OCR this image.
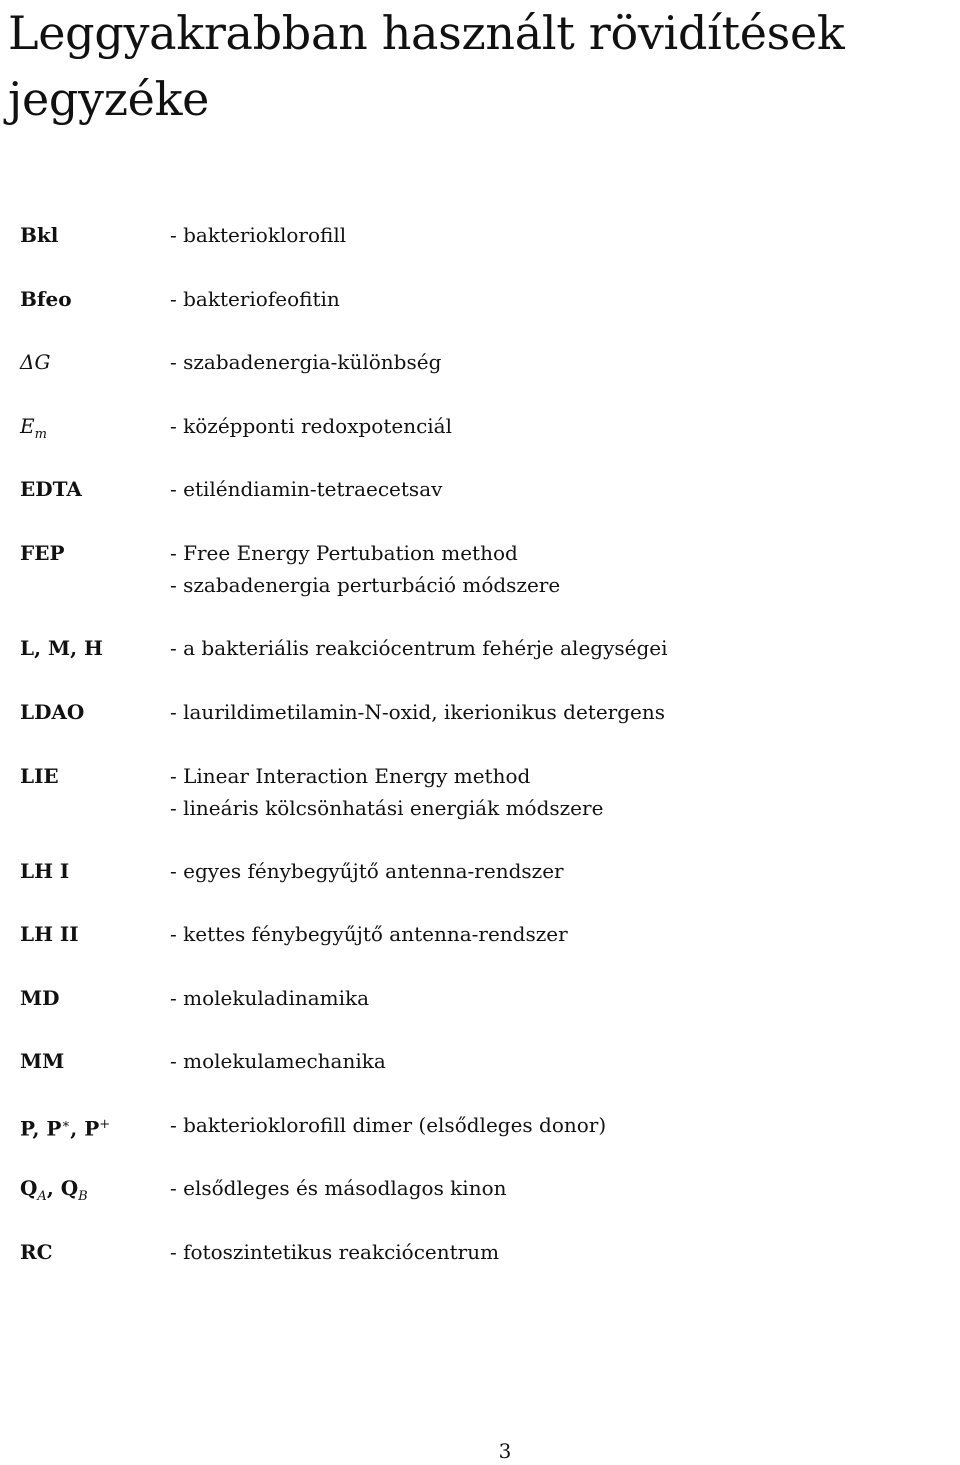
Leggyakrabban használt rövidítések jegyzéke
Bkl	- bakterioklorofill
Bfeo	- bakteriofeofitin
ΔG	- szabadenergia-különbség
$E_m$	- középponti redoxpotenciál
EDTA	- etiléndiamin-tetraecetsav
FEP	- Free Energy Pertubation method
- szabadenergia perturbáció módszere
L, M, H	- a bakteriális reakciócentrum fehérje alegységei
LDAO	- laurildimetilamin-N-oxid, ikerionikus detergens
LIE	- Linear Interaction Energy method
- lineáris kölcsönhatási energiák módszere
LH I	- egyes fénybegyűjtő antenna-rendszer
LH II	- kettes fénybegyűjtő antenna-rendszer
MD	- molekuladinamika
MM	- molekulamechanika
P, P∗, P+	- bakterioklorofill dimer (elsődleges donor)
$Q_A$, $Q_B$	- elsődleges és másodlagos kinon
RC	- fotoszintetikus reakciócentrum
3
